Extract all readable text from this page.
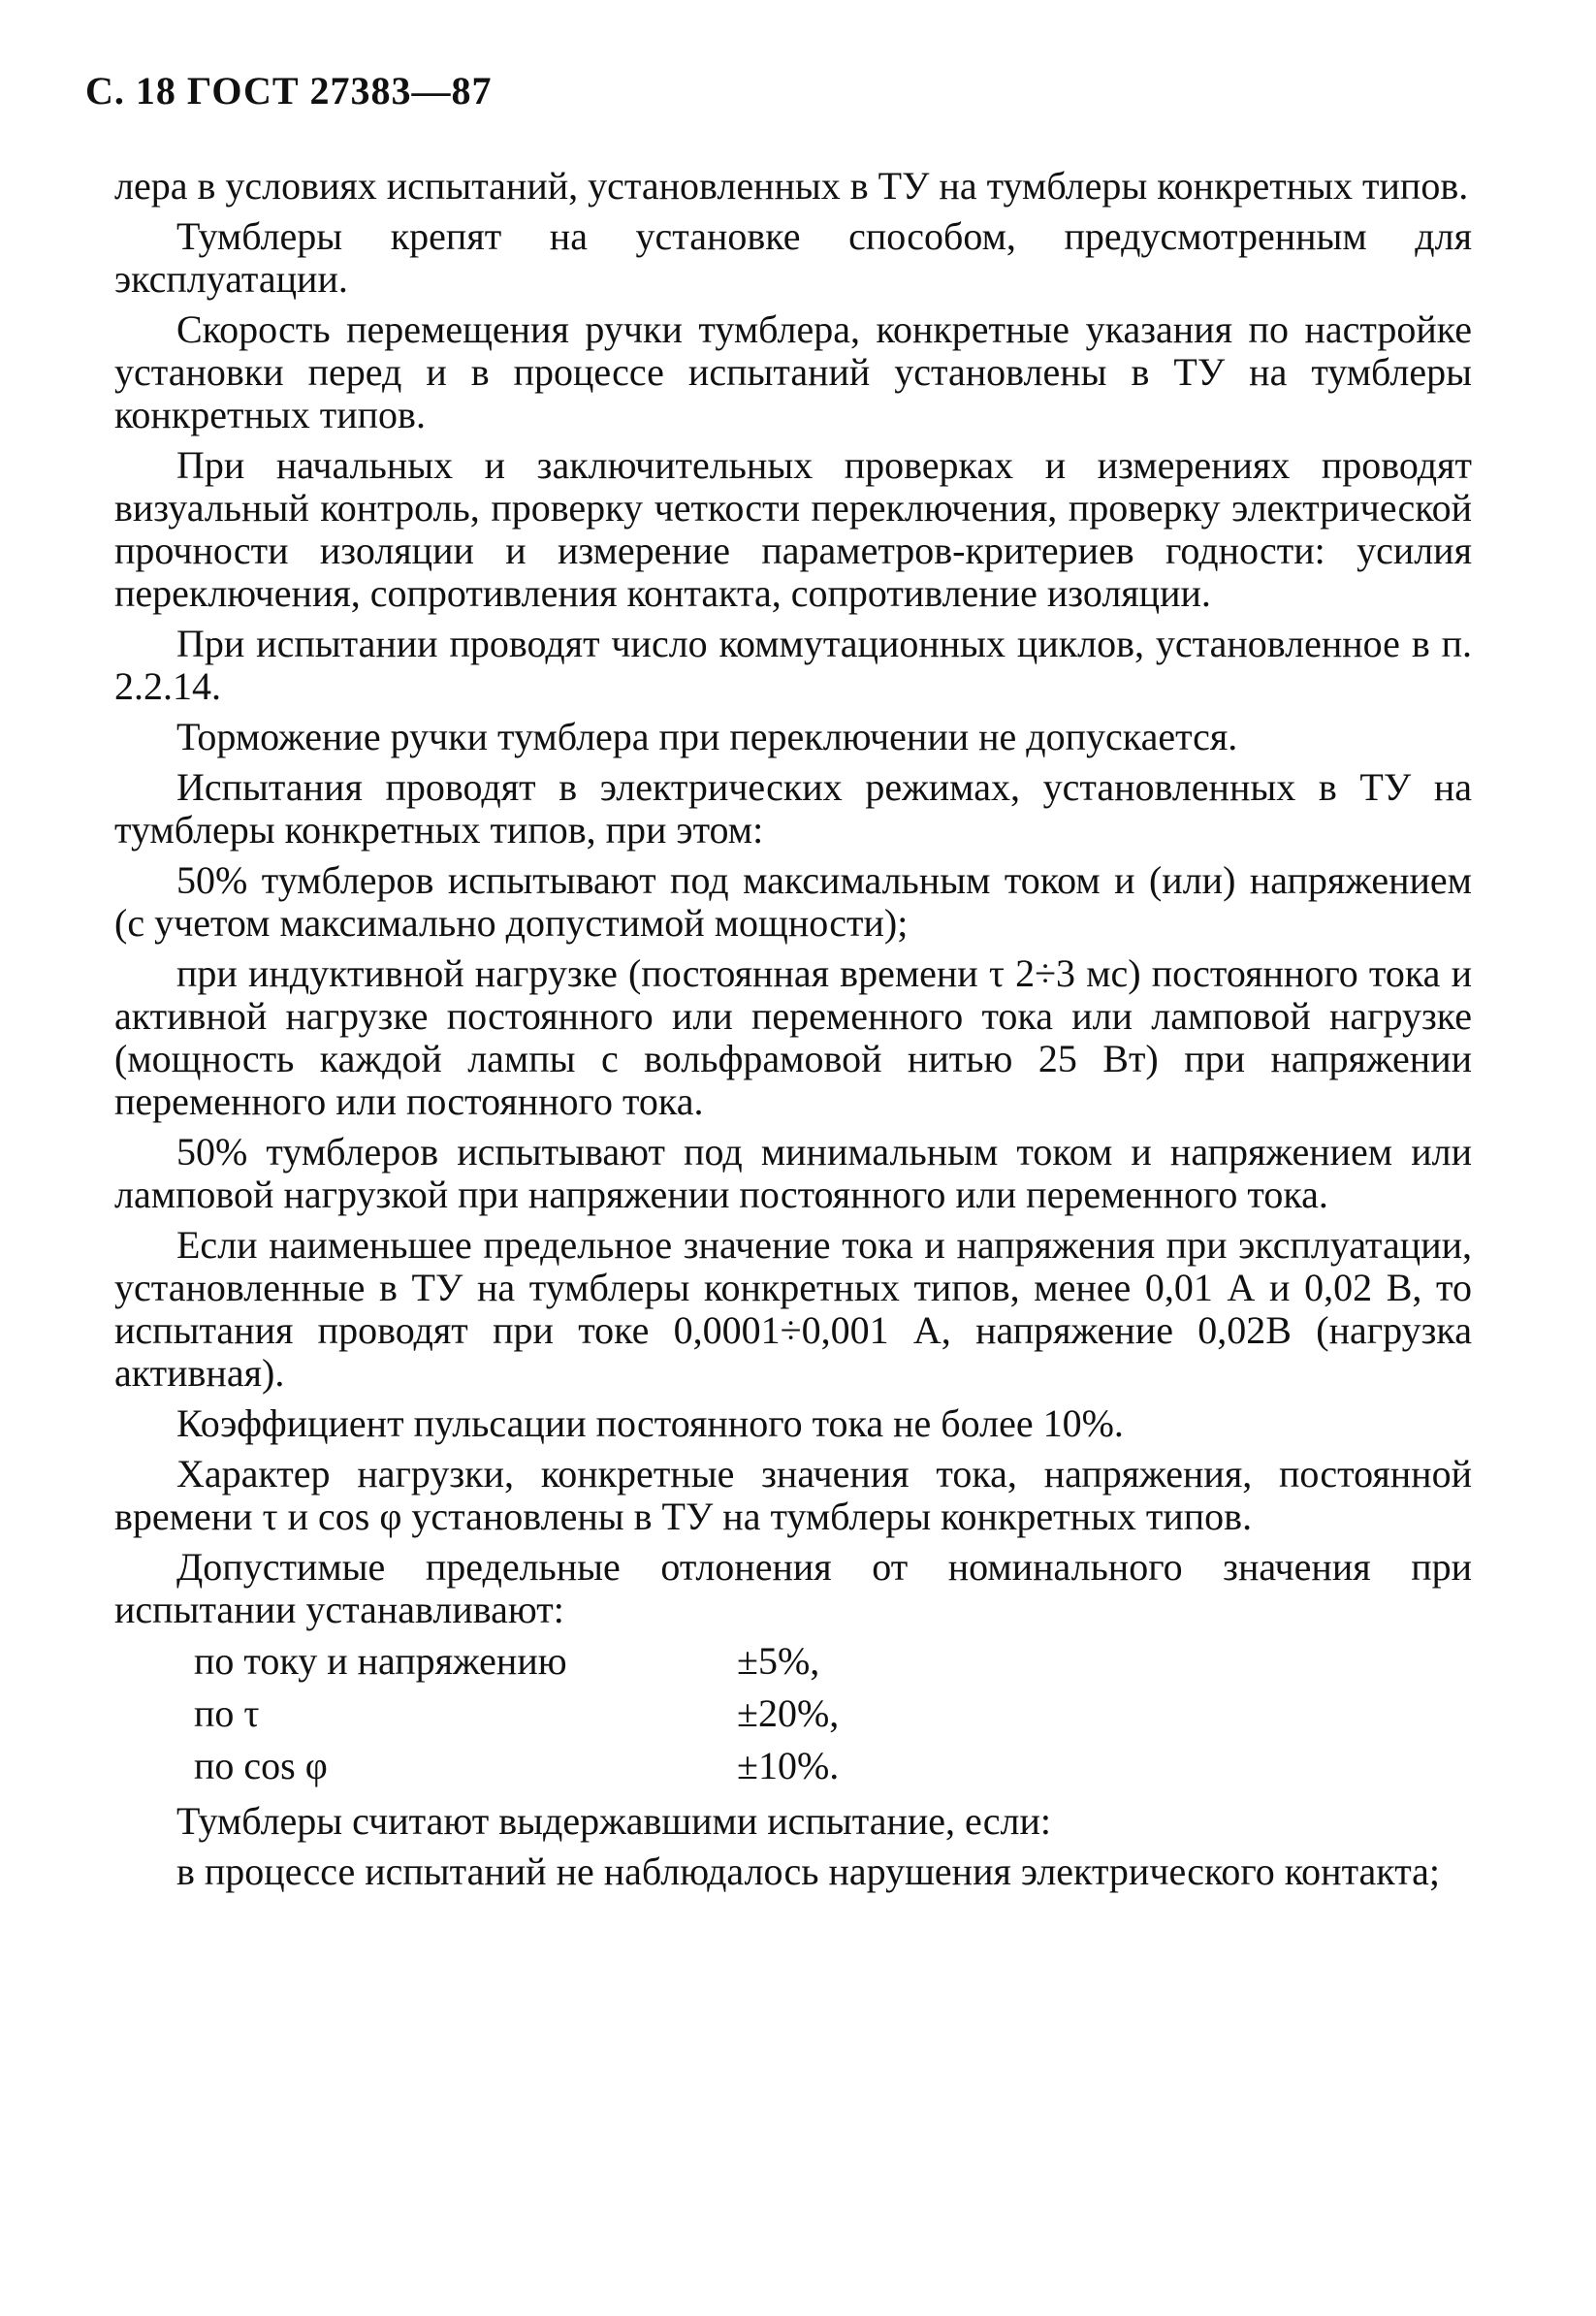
С. 18 ГОСТ 27383—87

лера в условиях испытаний, установленных в ТУ на тумблеры конкретных типов.

Тумблеры крепят на установке способом, предусмотренным для эксплуатации.

Скорость перемещения ручки тумблера, конкретные указания по настройке установки перед и в процессе испытаний установлены в ТУ на тумблеры конкретных типов.

При начальных и заключительных проверках и измерениях проводят визуальный контроль, проверку четкости переключения, проверку электрической прочности изоляции и измерение параметров-критериев годности: усилия переключения, сопротивления контакта, сопротивление изоляции.

При испытании проводят число коммутационных циклов, установленное в п. 2.2.14.

Торможение ручки тумблера при переключении не допускается.

Испытания проводят в электрических режимах, установленных в ТУ на тумблеры конкретных типов, при этом:

50% тумблеров испытывают под максимальным током и (или) напряжением (с учетом максимально допустимой мощности);

при индуктивной нагрузке (постоянная времени τ 2÷3 мс) постоянного тока и активной нагрузке постоянного или переменного тока или ламповой нагрузке (мощность каждой лампы с вольфрамовой нитью 25 Вт) при напряжении переменного или постоянного тока.

50% тумблеров испытывают под минимальным током и напряжением или ламповой нагрузкой при напряжении постоянного или переменного тока.

Если наименьшее предельное значение тока и напряжения при эксплуатации, установленные в ТУ на тумблеры конкретных типов, менее 0,01 А и 0,02 В, то испытания проводят при токе 0,0001÷0,001 А, напряжение 0,02В (нагрузка активная).

Коэффициент пульсации постоянного тока не более 10%.

Характер нагрузки, конкретные значения тока, напряжения, постоянной времени τ и cos φ установлены в ТУ на тумблеры конкретных типов.

Допустимые предельные отлонения от номинального значения при испытании устанавливают:

по току и напряжению	±5%,
по τ	±20%,
по cos φ	±10%.

Тумблеры считают выдержавшими испытание, если:

в процессе испытаний не наблюдалось нарушения электрического контакта;
